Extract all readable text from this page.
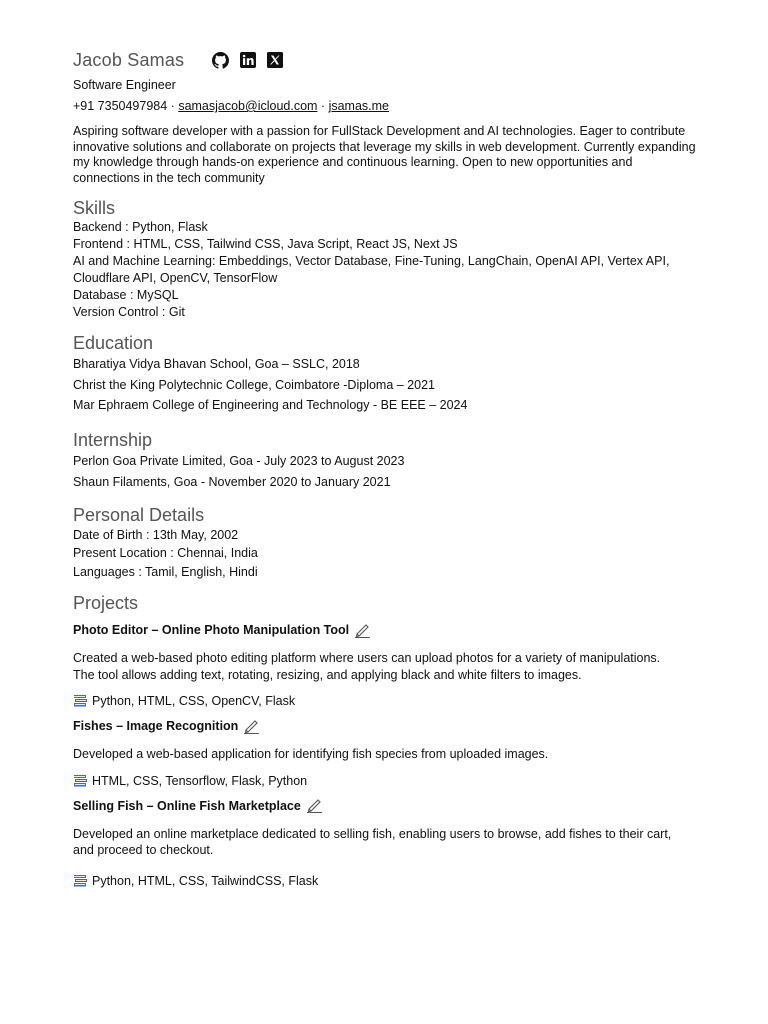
Jacob Samas
Software Engineer
+91 7350497984 · samasjacob@icloud.com · jsamas.me
Aspiring software developer with a passion for FullStack Development and AI technologies. Eager to contribute innovative solutions and collaborate on projects that leverage my skills in web development. Currently expanding my knowledge through hands-on experience and continuous learning. Open to new opportunities and connections in the tech community
Skills
Backend : Python, Flask
Frontend : HTML, CSS, Tailwind CSS, Java Script, React JS, Next JS
AI and Machine Learning: Embeddings, Vector Database, Fine-Tuning, LangChain, OpenAI API, Vertex API,
Cloudflare API, OpenCV, TensorFlow
Database : MySQL
Version Control : Git
Education
Bharatiya Vidya Bhavan School, Goa – SSLC, 2018
Christ the King Polytechnic College, Coimbatore -Diploma – 2021
Mar Ephraem College of Engineering and Technology - BE EEE – 2024
Internship
Perlon Goa Private Limited, Goa - July 2023 to August 2023
Shaun Filaments, Goa - November 2020 to January 2021
Personal Details
Date of Birth : 13th May, 2002
Present Location : Chennai, India
Languages : Tamil, English, Hindi
Projects
Photo Editor – Online Photo Manipulation Tool
Created a web-based photo editing platform where users can upload photos for a variety of manipulations. The tool allows adding text, rotating, resizing, and applying black and white filters to images.
Python, HTML, CSS, OpenCV, Flask
Fishes – Image Recognition
Developed a web-based application for identifying fish species from uploaded images.
HTML, CSS, Tensorflow, Flask, Python
Selling Fish – Online Fish Marketplace
Developed an online marketplace dedicated to selling fish, enabling users to browse, add fishes to their cart, and proceed to checkout.
Python, HTML, CSS, TailwindCSS, Flask
